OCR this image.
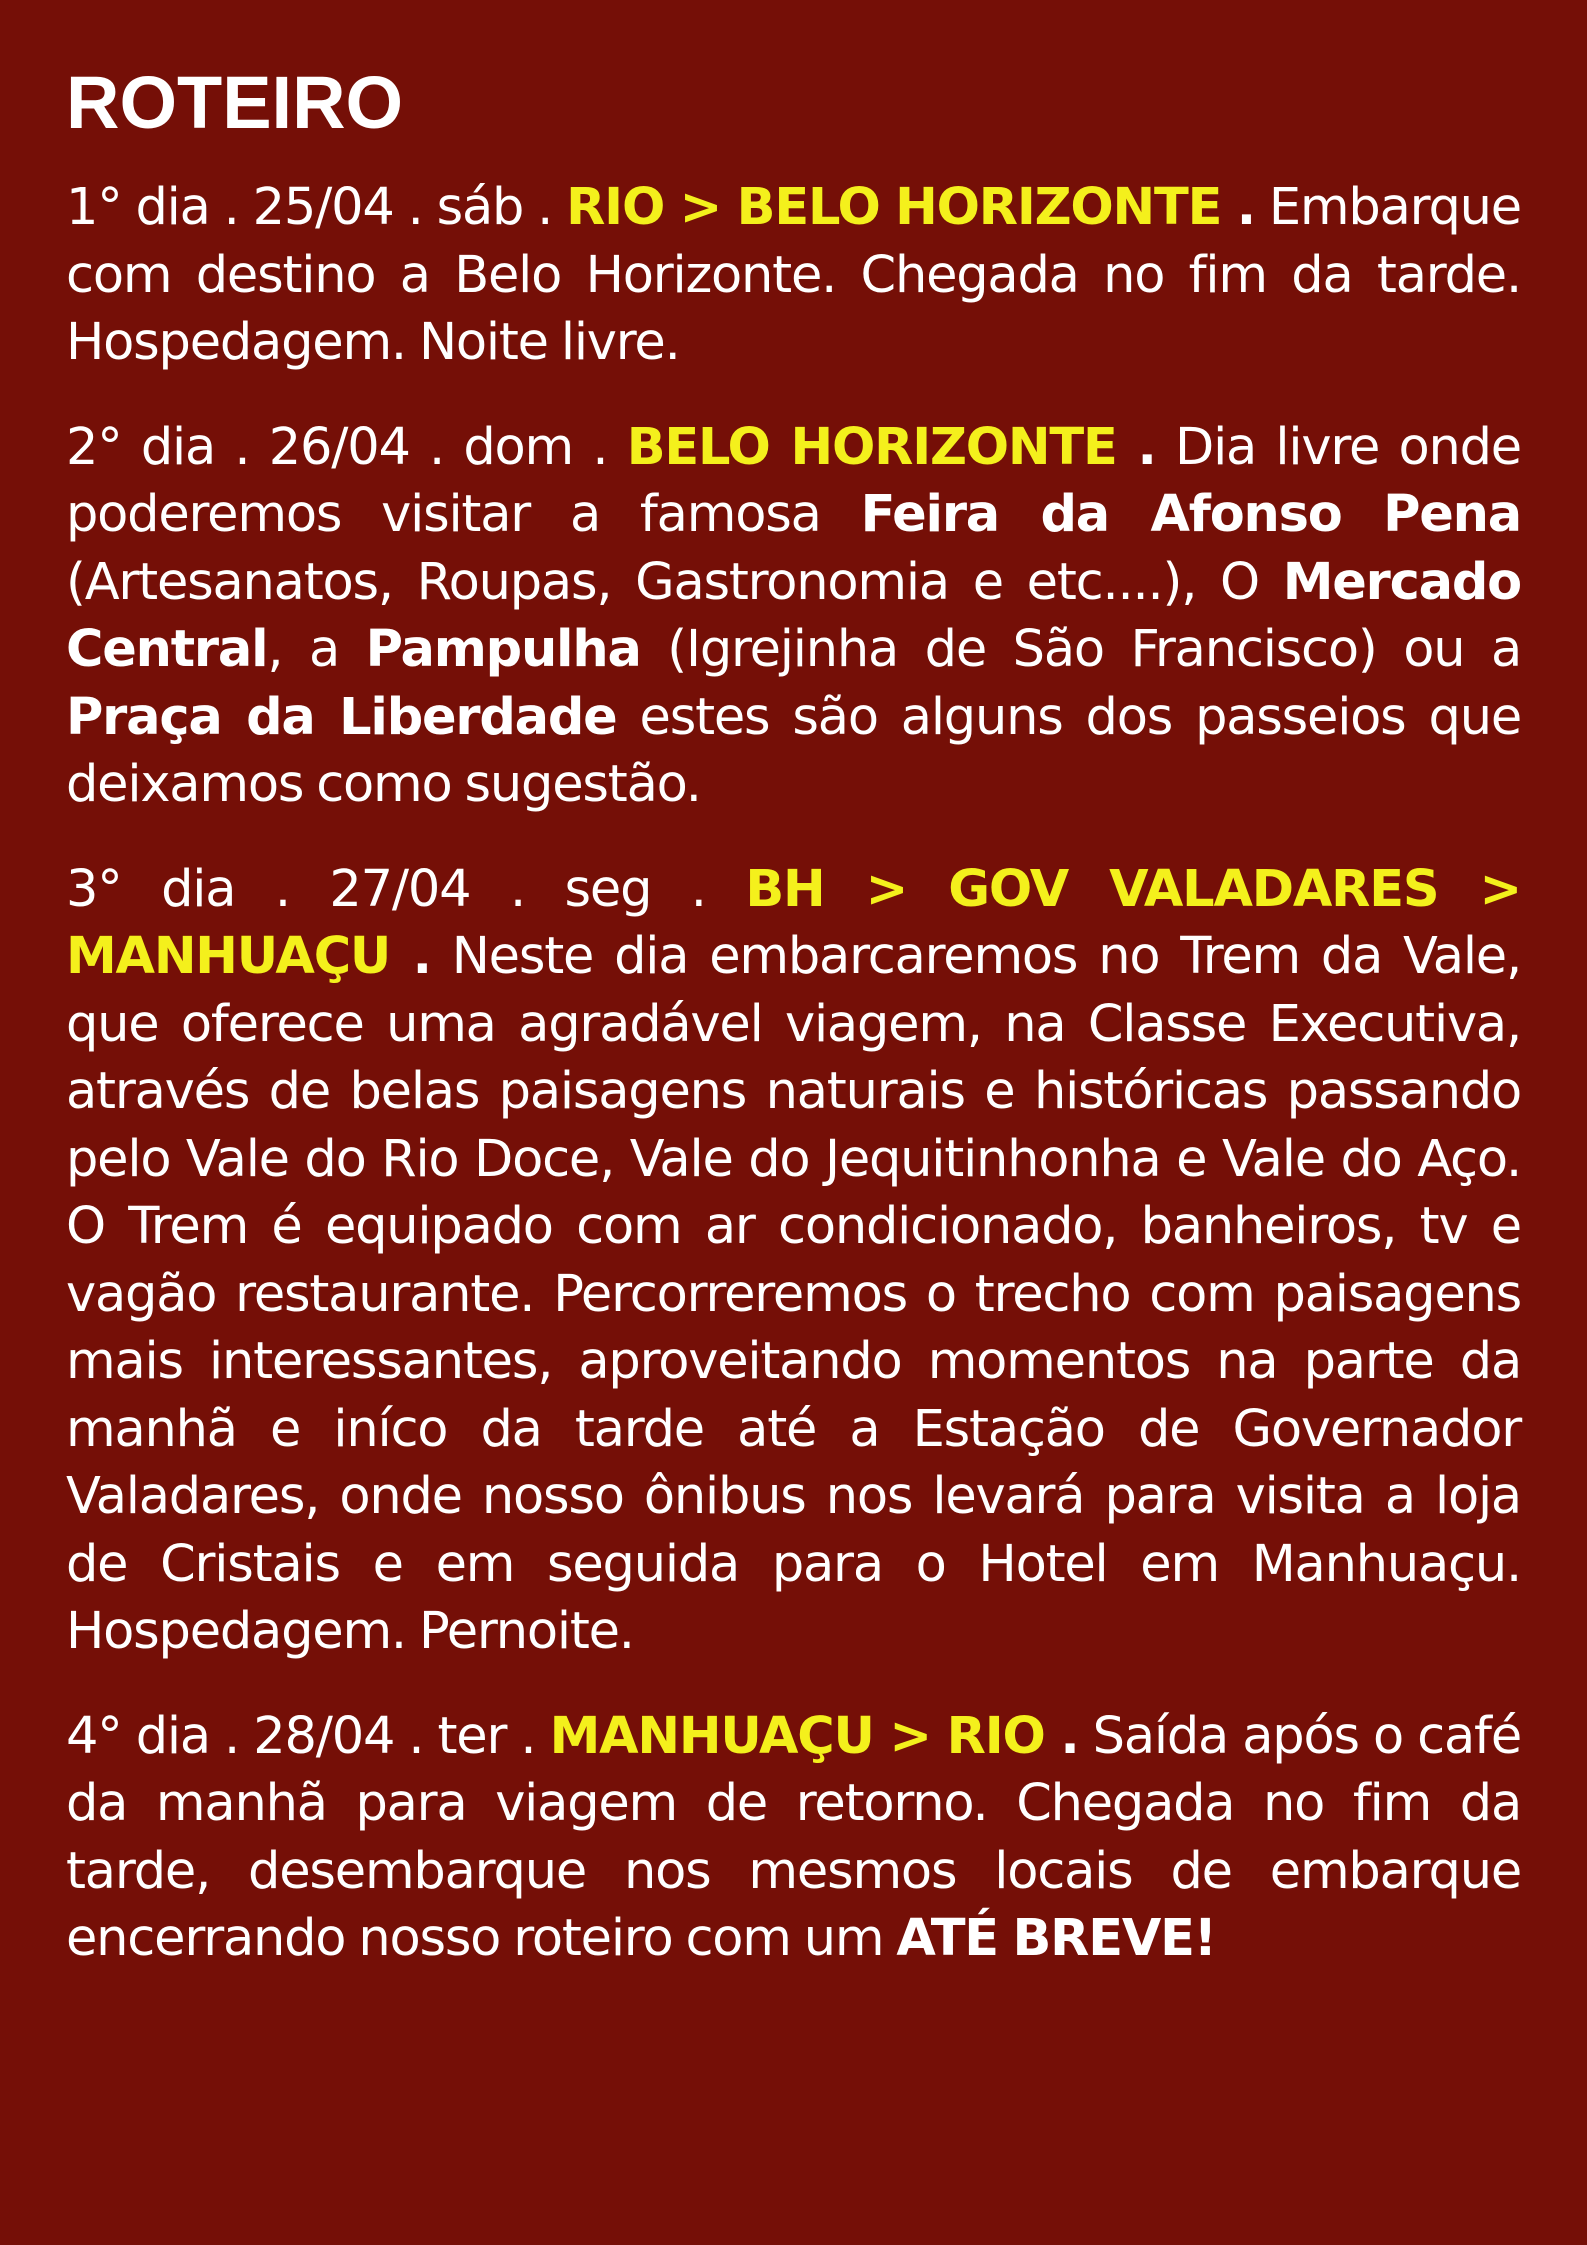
ROTEIRO

1° dia . 25/04 . sáb . RIO > BELO HORIZONTE . Embarque com destino a Belo Horizonte. Chegada no fim da tarde. Hospedagem. Noite livre.

2° dia . 26/04 . dom . BELO HORIZONTE . Dia livre onde poderemos visitar a famosa Feira da Afonso Pena (Artesanatos, Roupas, Gastronomia e etc....), O Mercado Central, a Pampulha (Igrejinha de São Francisco) ou a Praça da Liberdade estes são alguns dos passeios que deixamos como sugestão.

3° dia . 27/04 . seg . BH > GOV VALADARES > MANHUAÇU . Neste dia embarcaremos no Trem da Vale, que oferece uma agradável viagem, na Classe Executiva, através de belas paisagens naturais e históricas passando pelo Vale do Rio Doce, Vale do Jequitinhonha e Vale do Aço. O Trem é equipado com ar condicionado, banheiros, tv e vagão restaurante. Percorreremos o trecho com paisagens mais interessantes, aproveitando momentos na parte da manhã e iníco da tarde até a Estação de Governador Valadares, onde nosso ônibus nos levará para visita a loja de Cristais e em seguida para o Hotel em Manhuaçu. Hospedagem. Pernoite.

4° dia . 28/04 . ter . MANHUAÇU > RIO . Saída após o café da manhã para viagem de retorno. Chegada no fim da tarde, desembarque nos mesmos locais de embarque encerrando nosso roteiro com um ATÉ BREVE!
